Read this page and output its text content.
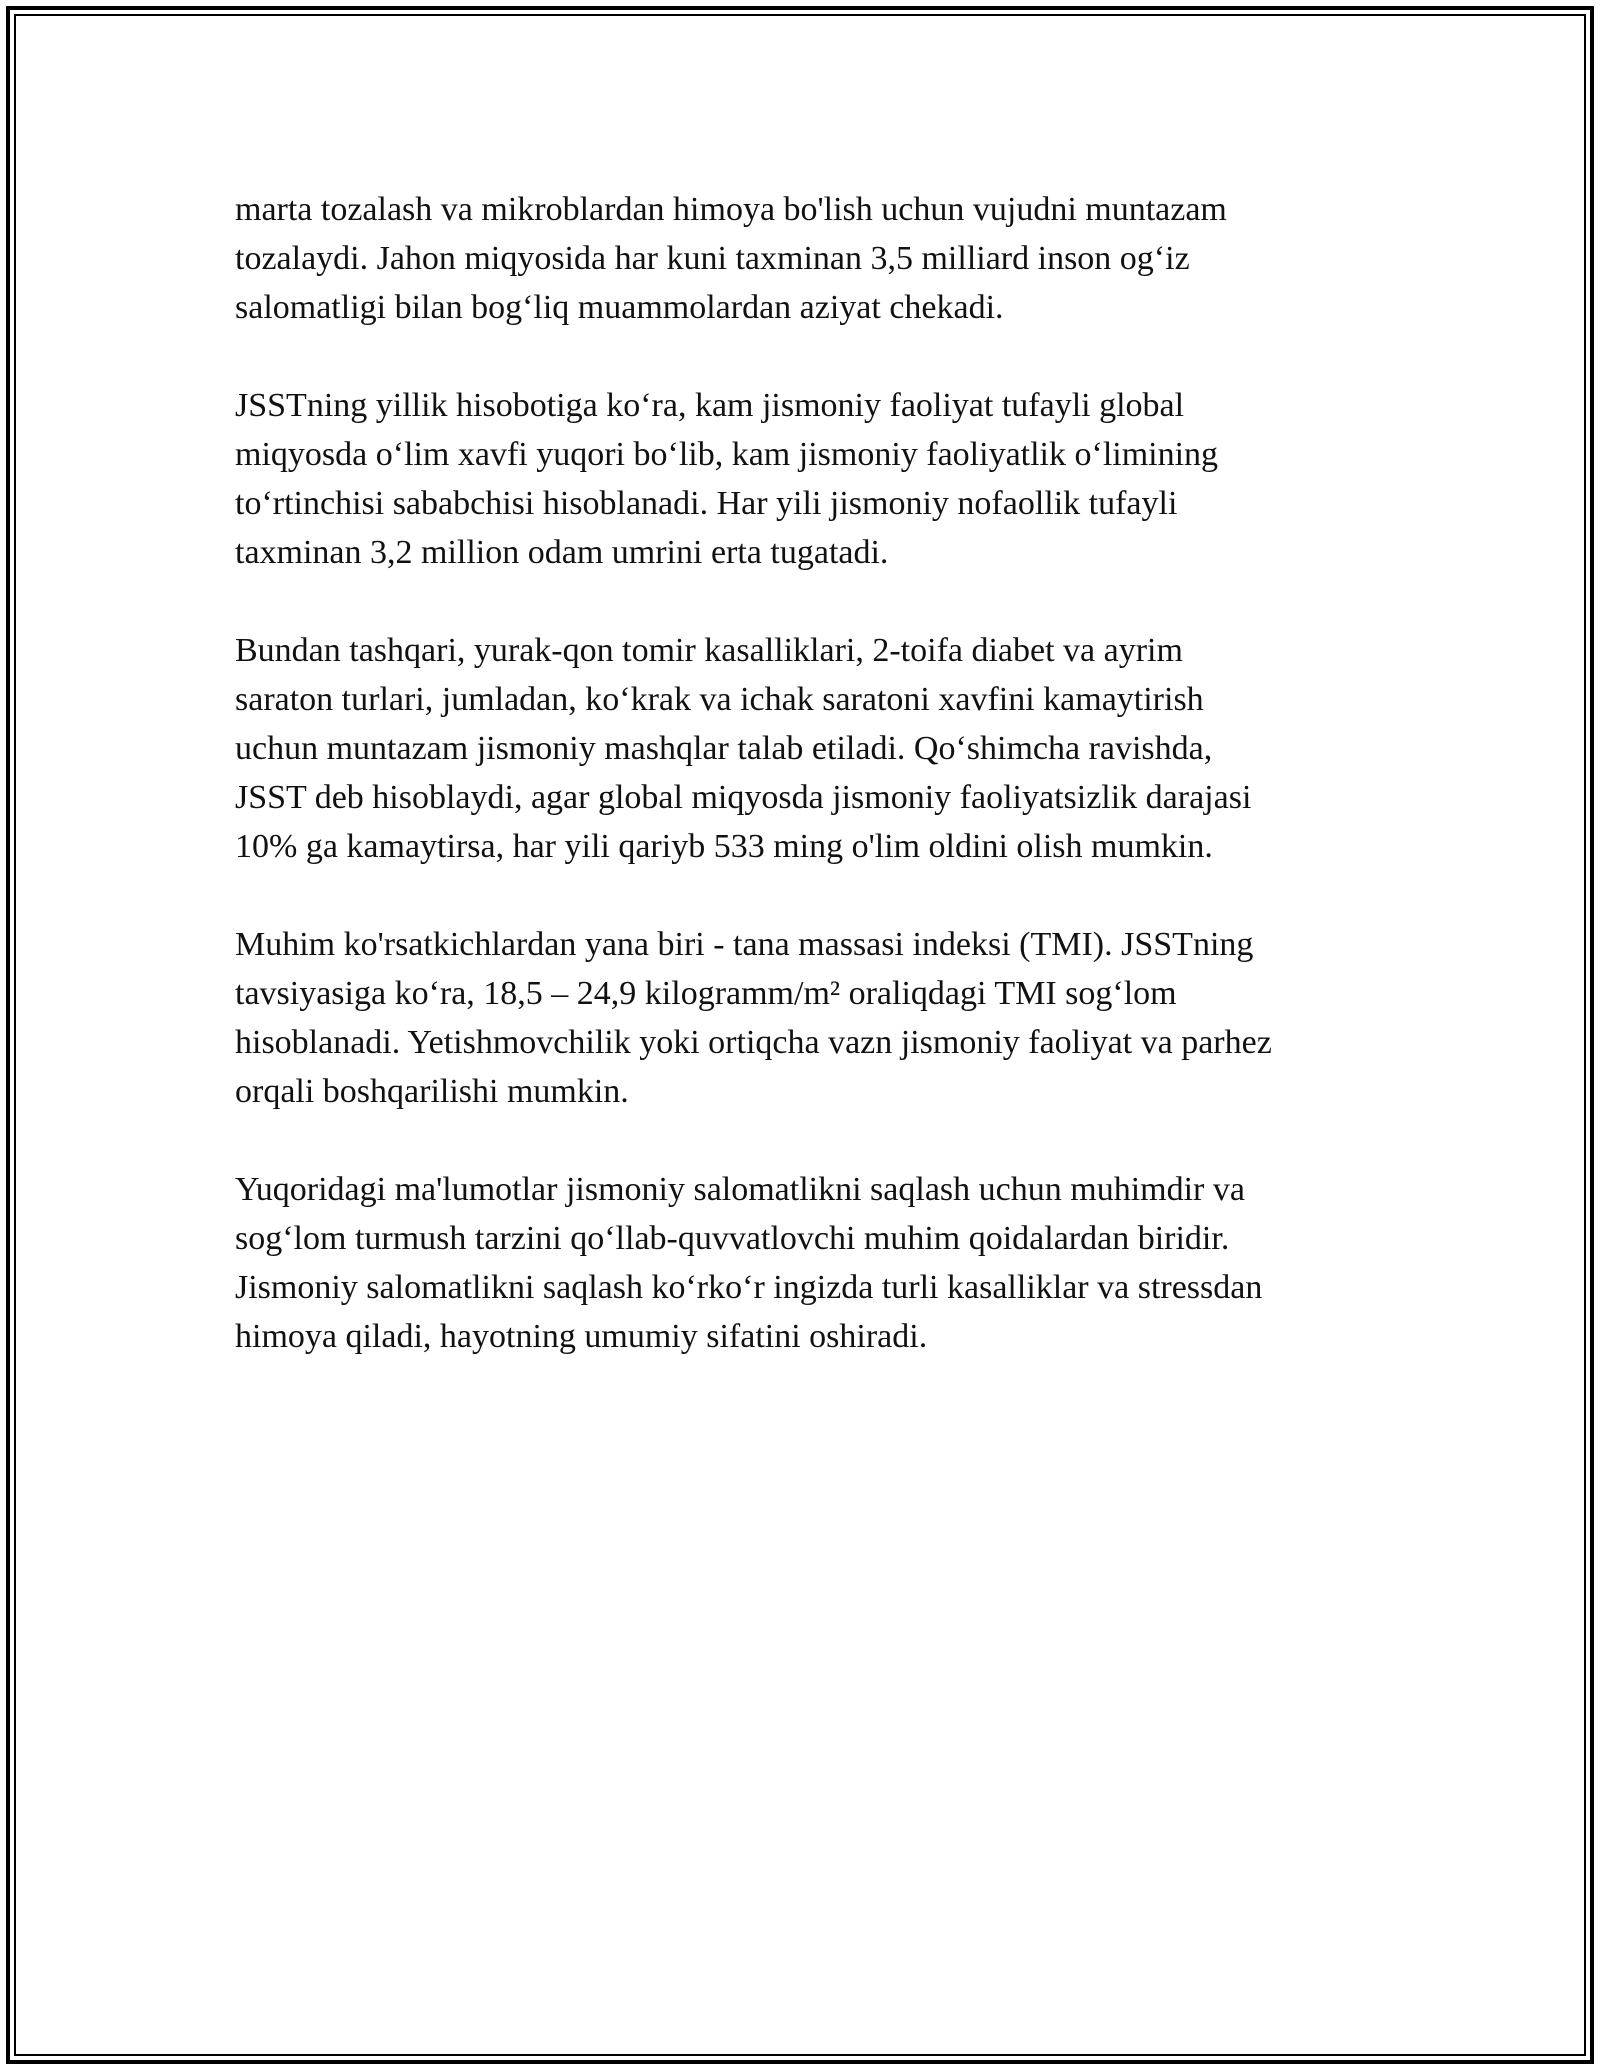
marta tozalash va mikroblardan himoya bo'lish uchun vujudni muntazam
tozalaydi. Jahon miqyosida har kuni taxminan 3,5 milliard inson og‘iz
salomatligi bilan bog‘liq muammolardan aziyat chekadi.

JSSTning yillik hisobotiga ko‘ra, kam jismoniy faoliyat tufayli global
miqyosda o‘lim xavfi yuqori bo‘lib, kam jismoniy faoliyatlik o‘limining
to‘rtinchisi sababchisi hisoblanadi. Har yili jismoniy nofaollik tufayli
taxminan 3,2 million odam umrini erta tugatadi.

Bundan tashqari, yurak-qon tomir kasalliklari, 2-toifa diabet va ayrim
saraton turlari, jumladan, ko‘krak va ichak saratoni xavfini kamaytirish
uchun muntazam jismoniy mashqlar talab etiladi. Qo‘shimcha ravishda,
JSST deb hisoblaydi, agar global miqyosda jismoniy faoliyatsizlik darajasi
10% ga kamaytirsa, har yili qariyb 533 ming o'lim oldini olish mumkin.

Muhim ko'rsatkichlardan yana biri - tana massasi indeksi (TMI). JSSTning
tavsiyasiga ko‘ra, 18,5 – 24,9 kilogramm/m² oraliqdagi TMI sog‘lom
hisoblanadi. Yetishmovchilik yoki ortiqcha vazn jismoniy faoliyat va parhez
orqali boshqarilishi mumkin.

Yuqoridagi ma'lumotlar jismoniy salomatlikni saqlash uchun muhimdir va
sog‘lom turmush tarzini qo‘llab-quvvatlovchi muhim qoidalardan biridir.
Jismoniy salomatlikni saqlash ko‘rko‘r ingizda turli kasalliklar va stressdan
himoya qiladi, hayotning umumiy sifatini oshiradi.
